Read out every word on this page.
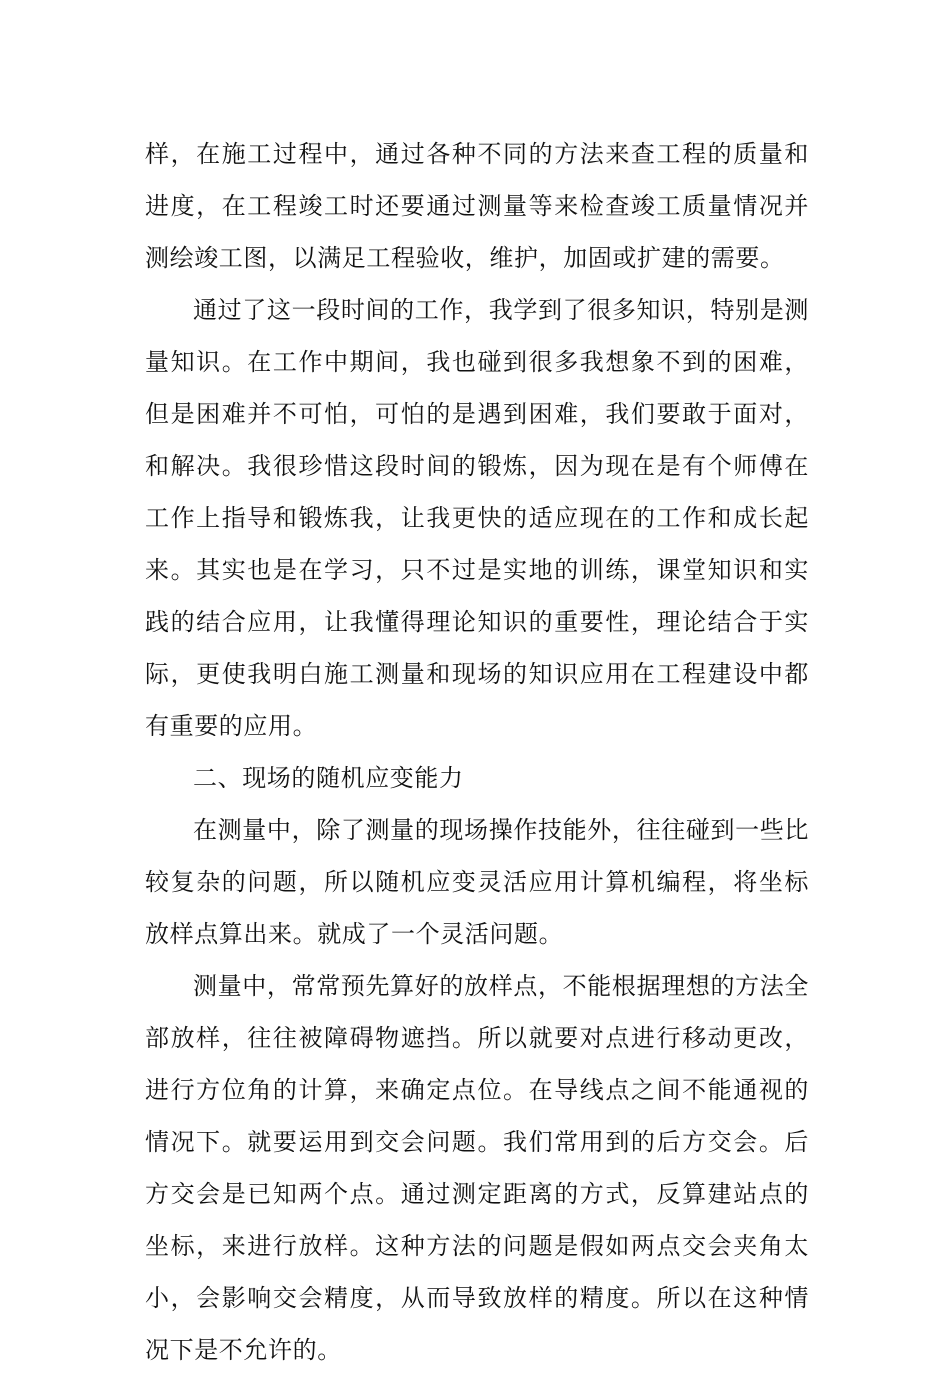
样，在施工过程中，通过各种不同的方法来查工程的质量和进度，在工程竣工时还要通过测量等来检查竣工质量情况并测绘竣工图，以满足工程验收，维护，加固或扩建的需要。

通过了这一段时间的工作，我学到了很多知识，特别是测量知识。在工作中期间，我也碰到很多我想象不到的困难，但是困难并不可怕，可怕的是遇到困难，我们要敢于面对，和解决。我很珍惜这段时间的锻炼，因为现在是有个师傅在工作上指导和锻炼我，让我更快的适应现在的工作和成长起来。其实也是在学习，只不过是实地的训练，课堂知识和实践的结合应用，让我懂得理论知识的重要性，理论结合于实际，更使我明白施工测量和现场的知识应用在工程建设中都有重要的应用。

二、现场的随机应变能力

在测量中，除了测量的现场操作技能外，往往碰到一些比较复杂的问题，所以随机应变灵活应用计算机编程，将坐标放样点算出来。就成了一个灵活问题。

测量中，常常预先算好的放样点，不能根据理想的方法全部放样，往往被障碍物遮挡。所以就要对点进行移动更改，进行方位角的计算，来确定点位。在导线点之间不能通视的情况下。就要运用到交会问题。我们常用到的后方交会。后方交会是已知两个点。通过测定距离的方式，反算建站点的坐标，来进行放样。这种方法的问题是假如两点交会夹角太小，会影响交会精度，从而导致放样的精度。所以在这种情况下是不允许的。
